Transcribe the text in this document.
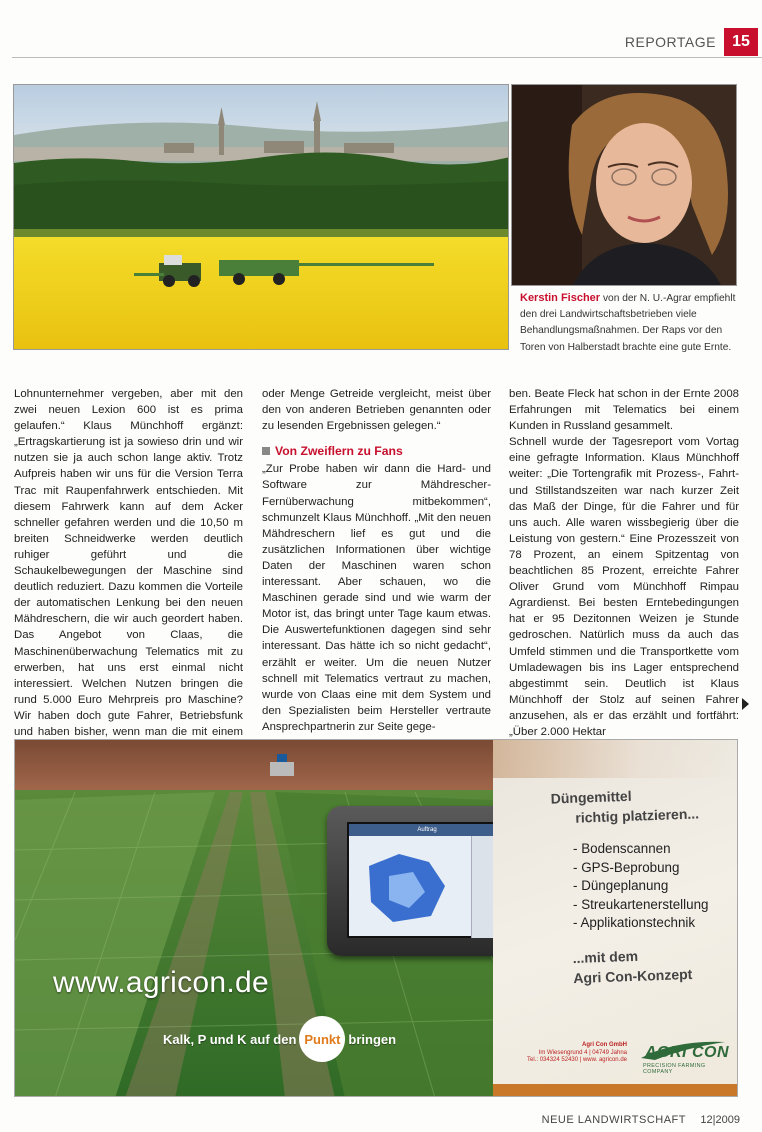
REPORTAGE	15
Kerstin Fischer von der N. U.-Agrar empfiehlt den drei Landwirtschaftsbetrieben viele Behandlungsmaßnahmen. Der Raps vor den Toren von Halberstadt brachte eine gute Ernte.

Lohnunternehmer vergeben, aber mit den zwei neuen Lexion 600 ist es prima gelaufen.“ Klaus Münchhoff ergänzt: „Ertragskartierung ist ja sowieso drin und wir nutzen sie ja auch schon lange aktiv. Trotz Aufpreis haben wir uns für die Version Terra Trac mit Raupenfahrwerk entschieden. Mit diesem Fahrwerk kann auf dem Acker schneller gefahren werden und die 10,50 m breiten Schneidwerke werden deutlich ruhiger geführt und die Schaukelbewegungen der Maschine sind deutlich reduziert. Dazu kommen die Vorteile der automatischen Lenkung bei den neuen Mähdreschern, die wir auch geordert haben. Das Angebot von Claas, die Maschinenüberwachung Telematics mit zu erwerben, hat uns erst einmal nicht interessiert. Welchen Nutzen bringen die rund 5.000 Euro Mehrpreis pro Maschine? Wir haben doch gute Fahrer, Betriebsfunk und haben bisher, wenn man die mit einem

oder Menge Getreide vergleicht, meist über den von anderen Betrieben genannten oder zu lesenden Ergebnissen gelegen.“

Von Zweiflern zu Fans

„Zur Probe haben wir dann die Hard- und Software zur Mähdrescher-Fernüberwachung mitbekommen“, schmunzelt Klaus Münchhoff. „Mit den neuen Mähdreschern lief es gut und die zusätzlichen Informationen über wichtige Daten der Maschinen waren schon interessant. Aber schauen, wo die Maschinen gerade sind und wie warm der Motor ist, das bringt unter Tage kaum etwas. Die Auswertefunktionen dagegen sind sehr interessant. Das hätte ich so nicht gedacht“, erzählt er weiter. Um die neuen Nutzer schnell mit Telematics vertraut zu machen, wurde von Claas eine mit dem System und den Spezialisten beim Hersteller vertraute Ansprechpartnerin zur Seite gege-

ben. Beate Fleck hat schon in der Ernte 2008 Erfahrungen mit Telematics bei einem Kunden in Russland gesammelt.

Schnell wurde der Tagesreport vom Vortag eine gefragte Information. Klaus Münchhoff weiter: „Die Tortengrafik mit Prozess-, Fahrt- und Stillstandszeiten war nach kurzer Zeit das Maß der Dinge, für die Fahrer und für uns auch. Alle waren wissbegierig über die Leistung von gestern.“ Eine Prozesszeit von 78 Prozent, an einem Spitzentag von beachtlichen 85 Prozent, erreichte Fahrer Oliver Grund vom Münchhoff Rimpau Agrardienst. Bei besten Erntebedingungen hat er 95 Dezitonnen Weizen je Stunde gedroschen. Natürlich muss da auch das Umfeld stimmen und die Transportkette vom Umladewagen bis ins Lager entsprechend abgestimmt sein. Deutlich ist Klaus Münchhoff der Stolz auf seinen Fahrer anzusehen, als er das erzählt und fortfährt: „Über 2.000 Hektar

Auftrag
www.agricon.de
Kalk, P und K auf den Punkt bringen
Düngemittel
richtig platzieren...
- Bodenscannen
- GPS-Beprobung
- Düngeplanung
- Streukartenerstellung
- Applikationstechnik
...mit dem
Agri Con-Konzept
Agri Con GmbH
Im Wiesengrund 4 | 04749 Jahna
Tel.: 034324 52430 | www. agricon.de AGRI CON
PRECISION FARMING COMPANY
NEUE LANDWIRTSCHAFT 12|2009
